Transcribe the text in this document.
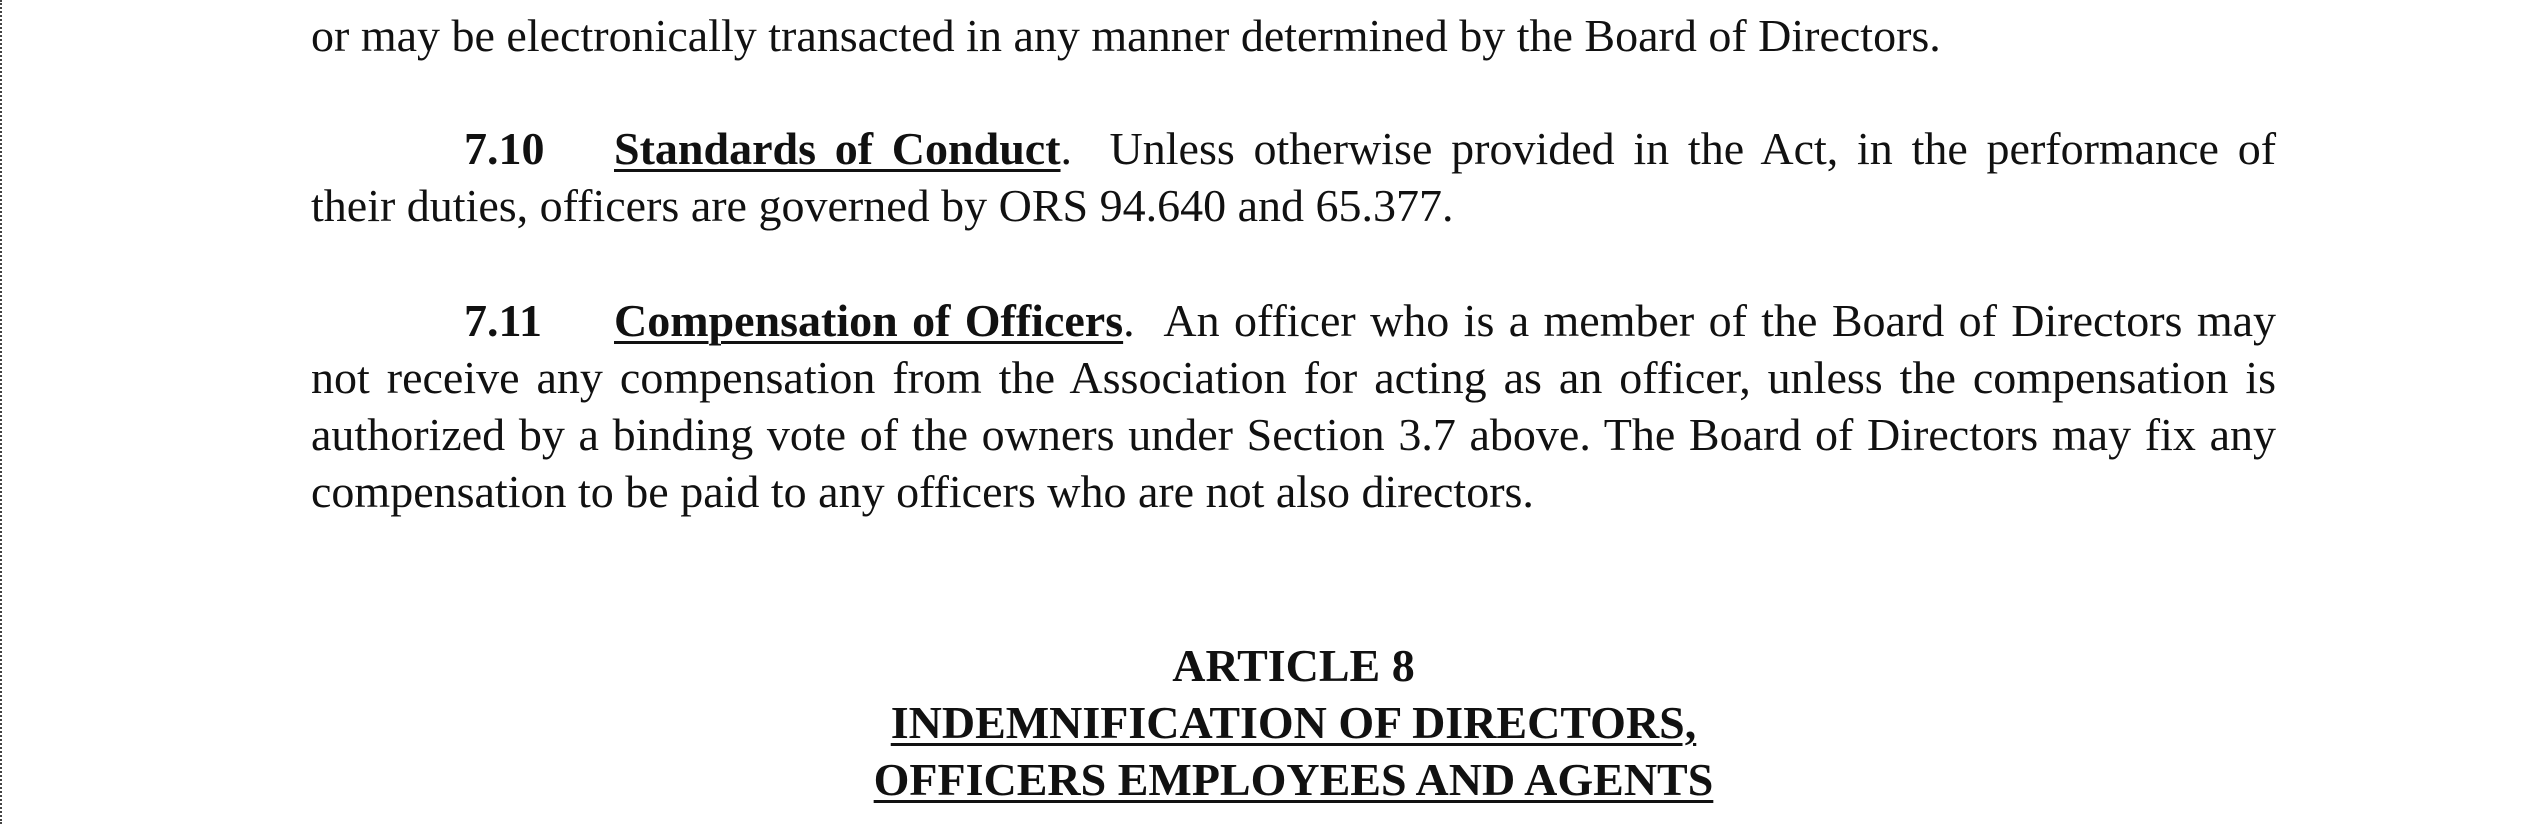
or may be electronically transacted in any manner determined by the Board of Directors.
7.10 Standards of Conduct. Unless otherwise provided in the Act, in the performance of their duties, officers are governed by ORS 94.640 and 65.377.
7.11 Compensation of Officers. An officer who is a member of the Board of Directors may not receive any compensation from the Association for acting as an officer, unless the compensation is authorized by a binding vote of the owners under Section 3.7 above. The Board of Directors may fix any compensation to be paid to any officers who are not also directors.
ARTICLE 8
INDEMNIFICATION OF DIRECTORS,
OFFICERS EMPLOYEES AND AGENTS
